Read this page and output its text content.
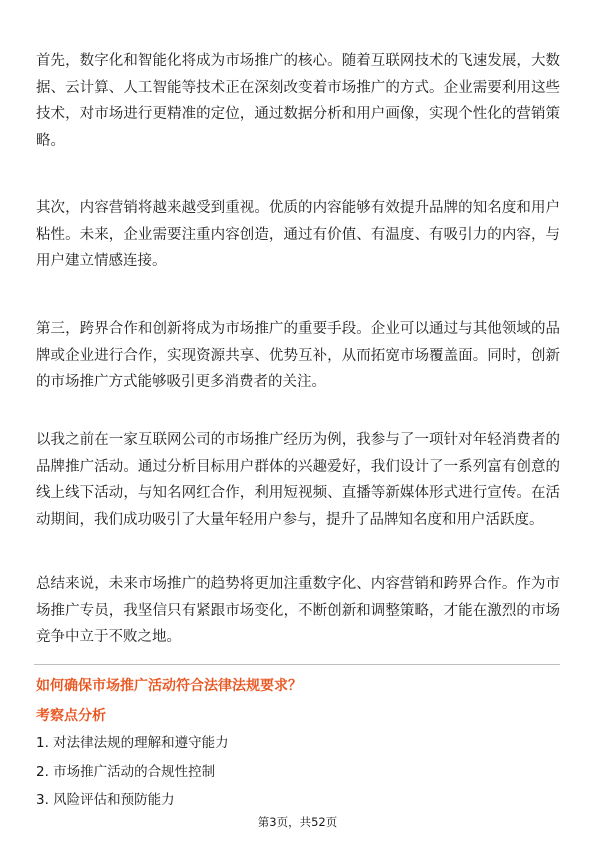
首先，数字化和智能化将成为市场推广的核心。随着互联网技术的飞速发展，大数据、云计算、人工智能等技术正在深刻改变着市场推广的方式。企业需要利用这些技术，对市场进行更精准的定位，通过数据分析和用户画像，实现个性化的营销策略。

其次，内容营销将越来越受到重视。优质的内容能够有效提升品牌的知名度和用户粘性。未来，企业需要注重内容创造，通过有价值、有温度、有吸引力的内容，与用户建立情感连接。

第三，跨界合作和创新将成为市场推广的重要手段。企业可以通过与其他领域的品牌或企业进行合作，实现资源共享、优势互补，从而拓宽市场覆盖面。同时，创新的市场推广方式能够吸引更多消费者的关注。

以我之前在一家互联网公司的市场推广经历为例，我参与了一项针对年轻消费者的品牌推广活动。通过分析目标用户群体的兴趣爱好，我们设计了一系列富有创意的线上线下活动，与知名网红合作，利用短视频、直播等新媒体形式进行宣传。在活动期间，我们成功吸引了大量年轻用户参与，提升了品牌知名度和用户活跃度。

总结来说，未来市场推广的趋势将更加注重数字化、内容营销和跨界合作。作为市场推广专员，我坚信只有紧跟市场变化，不断创新和调整策略，才能在激烈的市场竞争中立于不败之地。

如何确保市场推广活动符合法律法规要求？
考察点分析
1. 对法律法规的理解和遵守能力
2. 市场推广活动的合规性控制
3. 风险评估和预防能力
第3页，共52页
